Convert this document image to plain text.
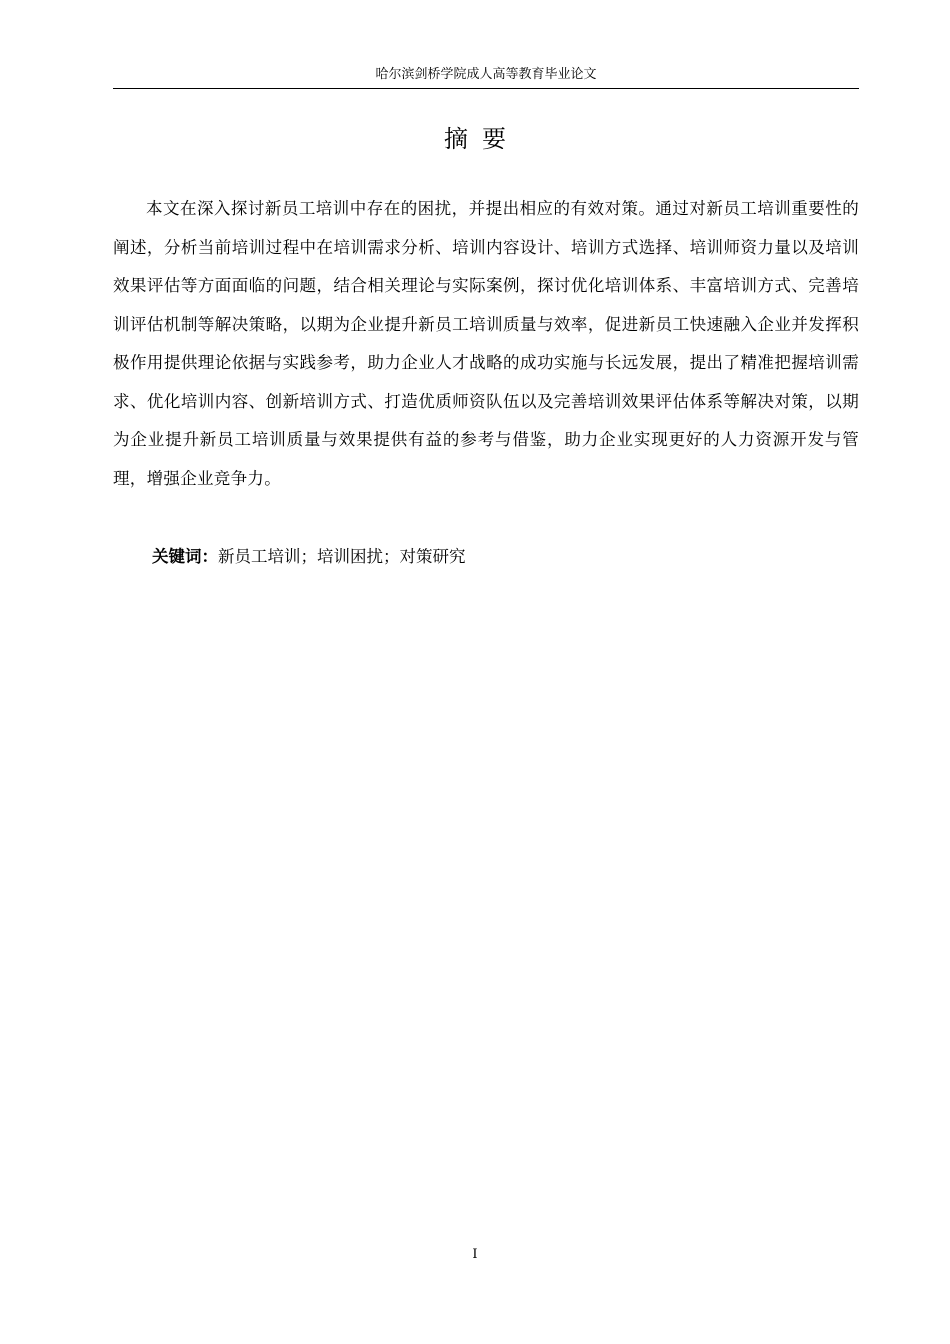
哈尔滨剑桥学院成人高等教育毕业论文
摘要

本文在深入探讨新员工培训中存在的困扰，并提出相应的有效对策。通过对新员工培训重要性的阐述，分析当前培训过程中在培训需求分析、培训内容设计、培训方式选择、培训师资力量以及培训效果评估等方面面临的问题，结合相关理论与实际案例，探讨优化培训体系、丰富培训方式、完善培训评估机制等解决策略，以期为企业提升新员工培训质量与效率，促进新员工快速融入企业并发挥积极作用提供理论依据与实践参考，助力企业人才战略的成功实施与长远发展，提出了精准把握培训需求、优化培训内容、创新培训方式、打造优质师资队伍以及完善培训效果评估体系等解决对策，以期为企业提升新员工培训质量与效果提供有益的参考与借鉴，助力企业实现更好的人力资源开发与管理，增强企业竞争力。

关键词：新员工培训；培训困扰；对策研究
I
